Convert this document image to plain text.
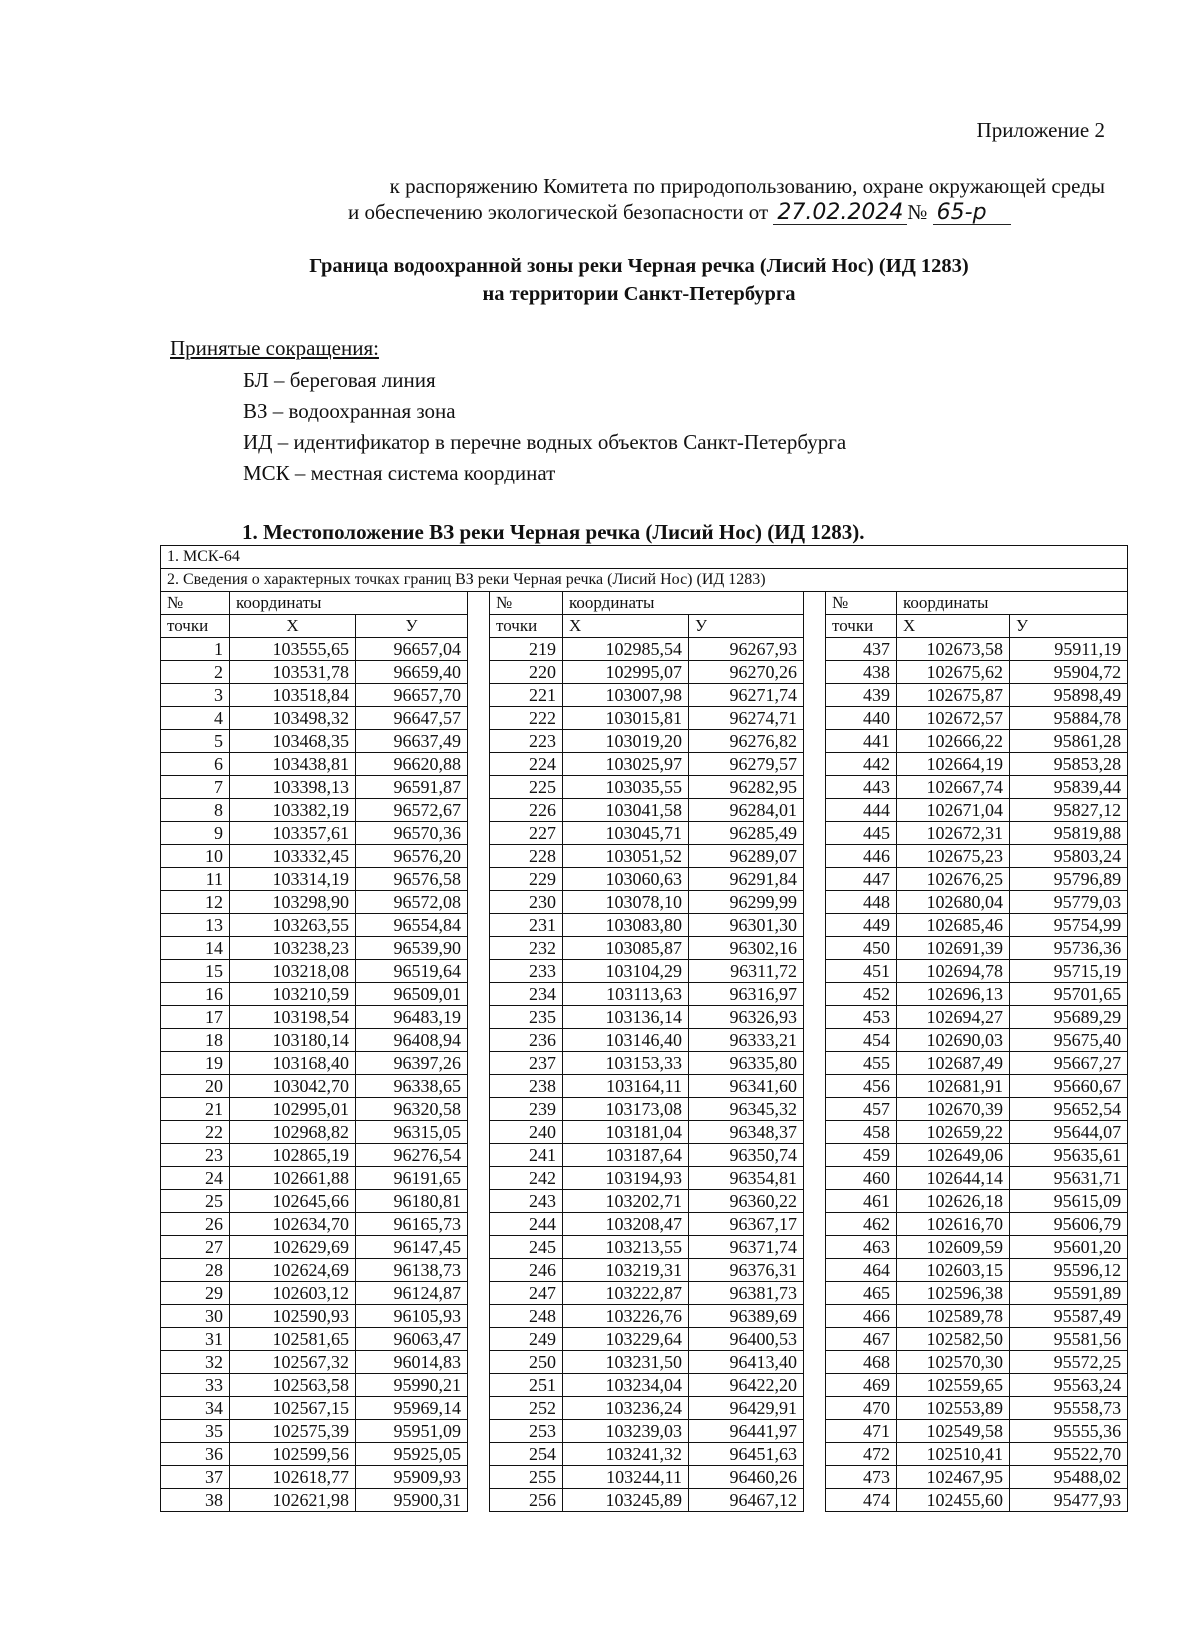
Приложение 2
к распоряжению Комитета по природопользованию, охране окружающей среды
и обеспечению экологической безопасности от 27.02.2024 № 65-р
Граница водоохранной зоны реки Черная речка (Лисий Нос) (ИД 1283)
на территории Санкт-Петербурга
Принятые сокращения:
БЛ – береговая линия
ВЗ – водоохранная зона
ИД – идентификатор в перечне водных объектов Санкт-Петербурга
МСК – местная система координат
1. Местоположение ВЗ реки Черная речка (Лисий Нос) (ИД 1283).
1. МСК-64										
2. Сведения о характерных точках границ ВЗ реки Черная речка (Лисий Нос) (ИД 1283)										
№	координаты			№	координаты			№	координаты	
точки	Х	У		точки	Х	У		точки	Х	У
1	103555,65	96657,04		219	102985,54	96267,93		437	102673,58	95911,19
2	103531,78	96659,40		220	102995,07	96270,26		438	102675,62	95904,72
3	103518,84	96657,70		221	103007,98	96271,74		439	102675,87	95898,49
4	103498,32	96647,57		222	103015,81	96274,71		440	102672,57	95884,78
5	103468,35	96637,49		223	103019,20	96276,82		441	102666,22	95861,28
6	103438,81	96620,88		224	103025,97	96279,57		442	102664,19	95853,28
7	103398,13	96591,87		225	103035,55	96282,95		443	102667,74	95839,44
8	103382,19	96572,67		226	103041,58	96284,01		444	102671,04	95827,12
9	103357,61	96570,36		227	103045,71	96285,49		445	102672,31	95819,88
10	103332,45	96576,20		228	103051,52	96289,07		446	102675,23	95803,24
11	103314,19	96576,58		229	103060,63	96291,84		447	102676,25	95796,89
12	103298,90	96572,08		230	103078,10	96299,99		448	102680,04	95779,03
13	103263,55	96554,84		231	103083,80	96301,30		449	102685,46	95754,99
14	103238,23	96539,90		232	103085,87	96302,16		450	102691,39	95736,36
15	103218,08	96519,64		233	103104,29	96311,72		451	102694,78	95715,19
16	103210,59	96509,01		234	103113,63	96316,97		452	102696,13	95701,65
17	103198,54	96483,19		235	103136,14	96326,93		453	102694,27	95689,29
18	103180,14	96408,94		236	103146,40	96333,21		454	102690,03	95675,40
19	103168,40	96397,26		237	103153,33	96335,80		455	102687,49	95667,27
20	103042,70	96338,65		238	103164,11	96341,60		456	102681,91	95660,67
21	102995,01	96320,58		239	103173,08	96345,32		457	102670,39	95652,54
22	102968,82	96315,05		240	103181,04	96348,37		458	102659,22	95644,07
23	102865,19	96276,54		241	103187,64	96350,74		459	102649,06	95635,61
24	102661,88	96191,65		242	103194,93	96354,81		460	102644,14	95631,71
25	102645,66	96180,81		243	103202,71	96360,22		461	102626,18	95615,09
26	102634,70	96165,73		244	103208,47	96367,17		462	102616,70	95606,79
27	102629,69	96147,45		245	103213,55	96371,74		463	102609,59	95601,20
28	102624,69	96138,73		246	103219,31	96376,31		464	102603,15	95596,12
29	102603,12	96124,87		247	103222,87	96381,73		465	102596,38	95591,89
30	102590,93	96105,93		248	103226,76	96389,69		466	102589,78	95587,49
31	102581,65	96063,47		249	103229,64	96400,53		467	102582,50	95581,56
32	102567,32	96014,83		250	103231,50	96413,40		468	102570,30	95572,25
33	102563,58	95990,21		251	103234,04	96422,20		469	102559,65	95563,24
34	102567,15	95969,14		252	103236,24	96429,91		470	102553,89	95558,73
35	102575,39	95951,09		253	103239,03	96441,97		471	102549,58	95555,36
36	102599,56	95925,05		254	103241,32	96451,63		472	102510,41	95522,70
37	102618,77	95909,93		255	103244,11	96460,26		473	102467,95	95488,02
38	102621,98	95900,31		256	103245,89	96467,12		474	102455,60	95477,93
